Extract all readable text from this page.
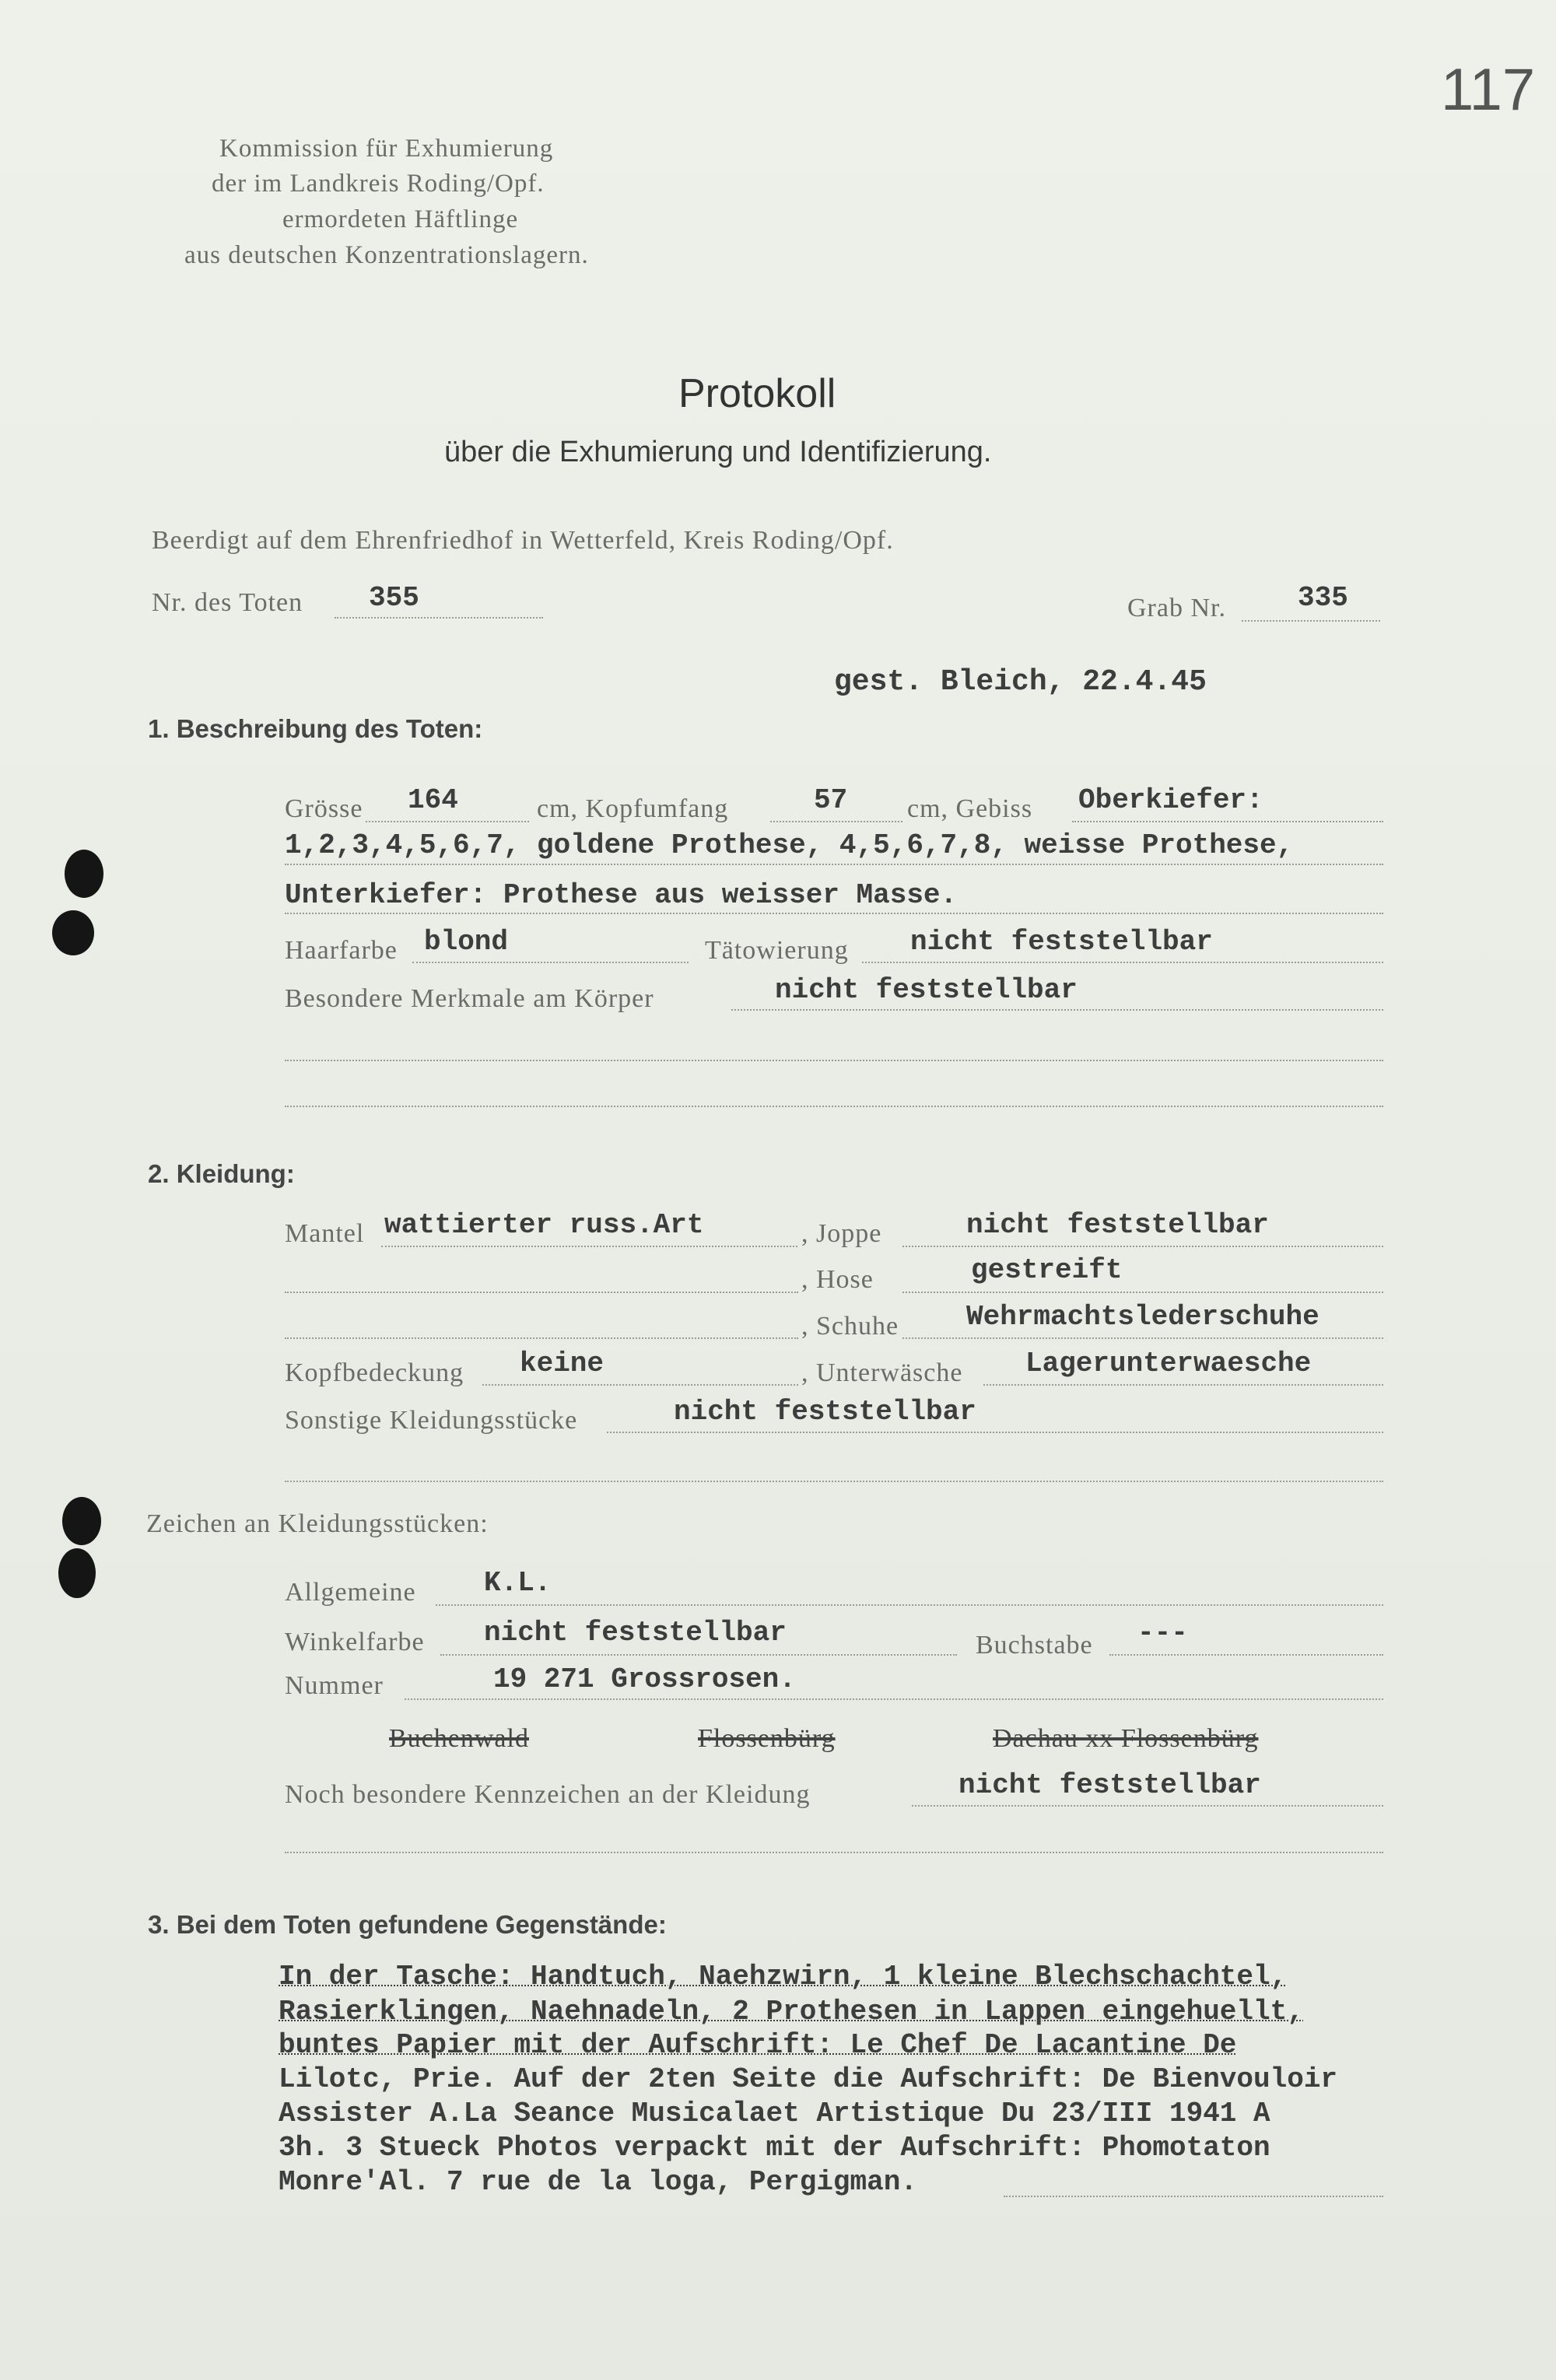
117
Kommission für Exhumierung
der im Landkreis Roding/Opf.
ermordeten Häftlinge
aus deutschen Konzentrationslagern.
Protokoll
über die Exhumierung und Identifizierung.
Beerdigt auf dem Ehrenfriedhof in Wetterfeld, Kreis Roding/Opf.
Nr. des Toten 355	Grab Nr.	335
gest. Bleich, 22.4.45
1. Beschreibung des Toten:
Grösse 164	cm, Kopfumfang	57 cm, Gebiss Oberkiefer:
1,2,3,4,5,6,7, goldene Prothese, 4,5,6,7,8, weisse Prothese,
Unterkiefer: Prothese aus weisser Masse.
Haarfarbe blond	Tätowierung nicht feststellbar
Besondere Merkmale am Körper	nicht feststellbar
2. Kleidung:
Mantel wattierter russ.Art	, Joppe	nicht feststellbar
, Hose	gestreift
, Schuhe Wehrmachtslederschuhe
Kopfbedeckung keine	, Unterwäsche Lagerunterwaesche
Sonstige Kleidungsstücke	nicht feststellbar
Zeichen an Kleidungsstücken:
Allgemeine K.L.
Winkelfarbe nicht feststellbar	Buchstabe ---
Nummer	19 271 Grossrosen.
Buchenwald	Flossenbürg	Dachau xx Flossenbürg
Noch besondere Kennzeichen an der Kleidung	nicht feststellbar
3. Bei dem Toten gefundene Gegenstände:
In der Tasche: Handtuch, Naehzwirn, 1 kleine Blechschachtel,
Rasierklingen, Naehnadeln, 2 Prothesen in Lappen eingehuellt,
buntes Papier mit der Aufschrift: Le Chef De Lacantine De
Lilotc, Prie. Auf der 2ten Seite die Aufschrift: De Bienvouloir
Assister A.La Seance Musicalaet Artistique Du 23/III 1941 A
3h. 3 Stueck Photos verpackt mit der Aufschrift: Phomotaton
Monre'Al. 7 rue de la loga, Pergigman.
